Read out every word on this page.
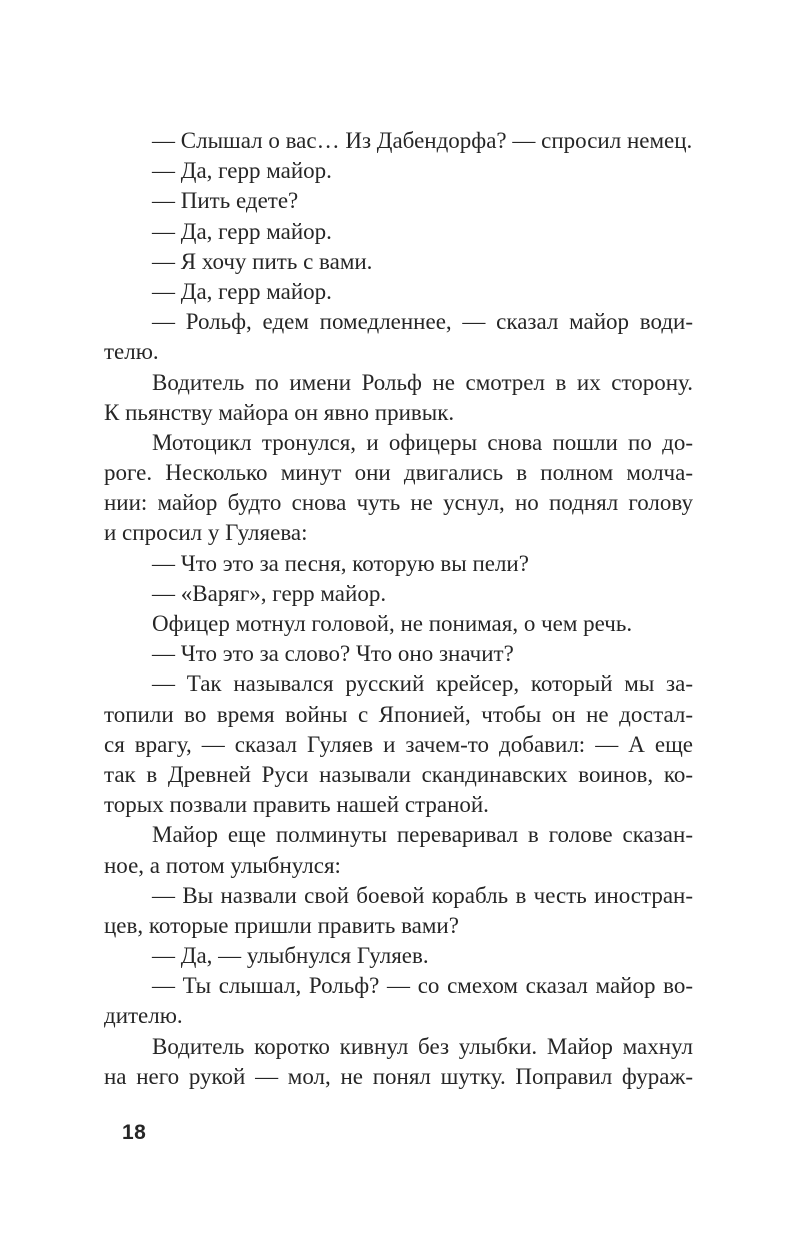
— Слышал о вас… Из Дабендорфа? — спросил немец.
— Да, герр майор.
— Пить едете?
— Да, герр майор.
— Я хочу пить с вами.
— Да, герр майор.
— Рольф, едем помедленнее, — сказал майор води-
телю.
Водитель по имени Рольф не смотрел в их сторону.
К пьянству майора он явно привык.
Мотоцикл тронулся, и офицеры снова пошли по до-
роге. Несколько минут они двигались в полном молча-
нии: майор будто снова чуть не уснул, но поднял голову
и спросил у Гуляева:
— Что это за песня, которую вы пели?
— «Варяг», герр майор.
Офицер мотнул головой, не понимая, о чем речь.
— Что это за слово? Что оно значит?
— Так назывался русский крейсер, который мы за-
топили во время войны с Японией, чтобы он не достал-
ся врагу, — сказал Гуляев и зачем-то добавил: — А еще
так в Древней Руси называли скандинавских воинов, ко-
торых позвали править нашей страной.
Майор еще полминуты переваривал в голове сказан-
ное, а потом улыбнулся:
— Вы назвали свой боевой корабль в честь иностран-
цев, которые пришли править вами?
— Да, — улыбнулся Гуляев.
— Ты слышал, Рольф? — со смехом сказал майор во-
дителю.
Водитель коротко кивнул без улыбки. Майор махнул
на него рукой — мол, не понял шутку. Поправил фураж-
18
